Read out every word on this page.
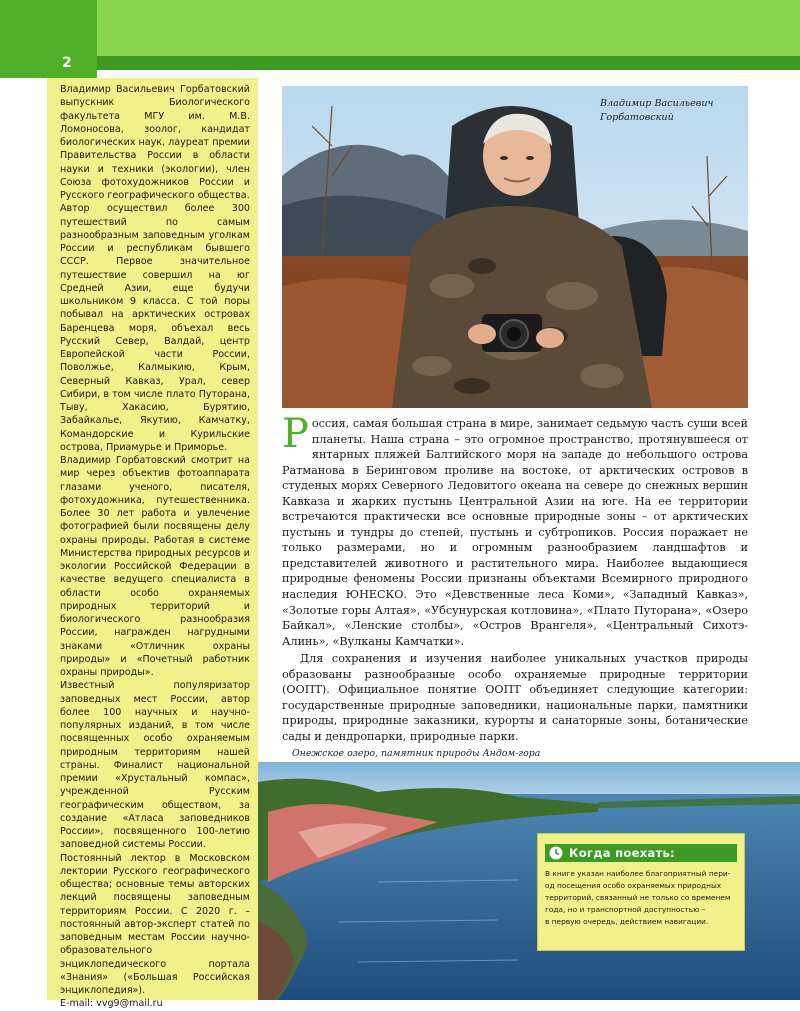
2

Владимир Васильевич Горбатовский выпускник Биологического факультета МГУ им. М.В. Ломоносова, зоолог, кандидат биологических наук, лауреат премии Правительства России в области науки и техники (экологии), член Союза фотохудожников России и Русского географического общества.

Автор осуществил более 300 путешествий по самым разнообразным заповедным уголкам России и республикам бывшего СССР. Первое значительное путешествие совершил на юг Средней Азии, еще будучи школьником 9 класса. С той поры побывал на арктических островах Баренцева моря, объехал весь Русский Север, Валдай, центр Европейской части России, Поволжье, Калмыкию, Крым, Северный Кавказ, Урал, север Сибири, в том числе плато Путорана, Тыву, Хакасию, Бурятию, Забайкалье, Якутию, Камчатку, Командорские и Курильские острова, Приамурье и Приморье.

Владимир Горбатовский смотрит на мир через объектив фотоаппарата глазами ученого, писателя, фотохудожника, путешественника. Более 30 лет работа и увлечение фотографией были посвящены делу охраны природы. Работая в системе Министерства природных ресурсов и экологии Российской Федерации в качестве ведущего специалиста в области особо охраняемых природных территорий и биологического разнообразия России, награжден нагрудными знаками «Отличник охраны природы» и «Почетный работник охраны природы».

Известный популяризатор заповедных мест России, автор более 100 научных и научно-популярных изданий, в том числе посвященных особо охраняемым природным территориям нашей страны. Финалист национальной премии «Хрустальный компас», учрежденной Русским географическим обществом, за создание «Атласа заповедников России», посвященного 100-летию заповедной системы России.

Постоянный лектор в Московском лектории Русского географического общества; основные темы авторских лекций посвящены заповедным территориям России. С 2020 г. – постоянный автор-эксперт статей по заповедным местам России научно-образовательного энциклопедического портала «Знания» («Большая Российская энциклопедия»).

E-mail: vvg9@mail.ru

Владимир Васильевич Горбатовский

Россия, самая большая страна в мире, занимает седьмую часть суши всей планеты. Наша страна – это огромное пространство, протянувшееся от янтарных пляжей Балтийского моря на западе до небольшого острова Ратманова в Беринговом проливе на востоке, от арктических островов в студеных морях Северного Ледовитого океана на севере до снежных вершин Кавказа и жарких пустынь Центральной Азии на юге. На ее территории встречаются практически все основные природные зоны – от арктических пустынь и тундры до степей, пустынь и субтропиков. Россия поражает не только размерами, но и огромным разнообразием ландшафтов и представителей животного и растительного мира. Наиболее выдающиеся природные феномены России признаны объектами Всемирного природного наследия ЮНЕСКО. Это «Девственные леса Коми», «Западный Кавказ», «Золотые горы Алтая», «Убсунурская котловина», «Плато Путорана», «Озеро Байкал», «Ленские столбы», «Остров Врангеля», «Центральный Сихотэ-Алинь», «Вулканы Камчатки».

Для сохранения и изучения наиболее уникальных участков природы образованы разнообразные особо охраняемые природные территории (ООПТ). Официальное понятие ООПТ объединяет следующие категории: государственные природные заповедники, национальные парки, памятники природы, природные заказники, курорты и санаторные зоны, ботанические сады и дендропарки, природные парки.

Онежское озеро, памятник природы Андом-гора
Когда поехать:
В книге указан наиболее благоприятный пери-
од посещения особо охраняемых природных
территорий, связанный не только со временем
года, но и транспортной доступностью –
в первую очередь, действием навигации.
